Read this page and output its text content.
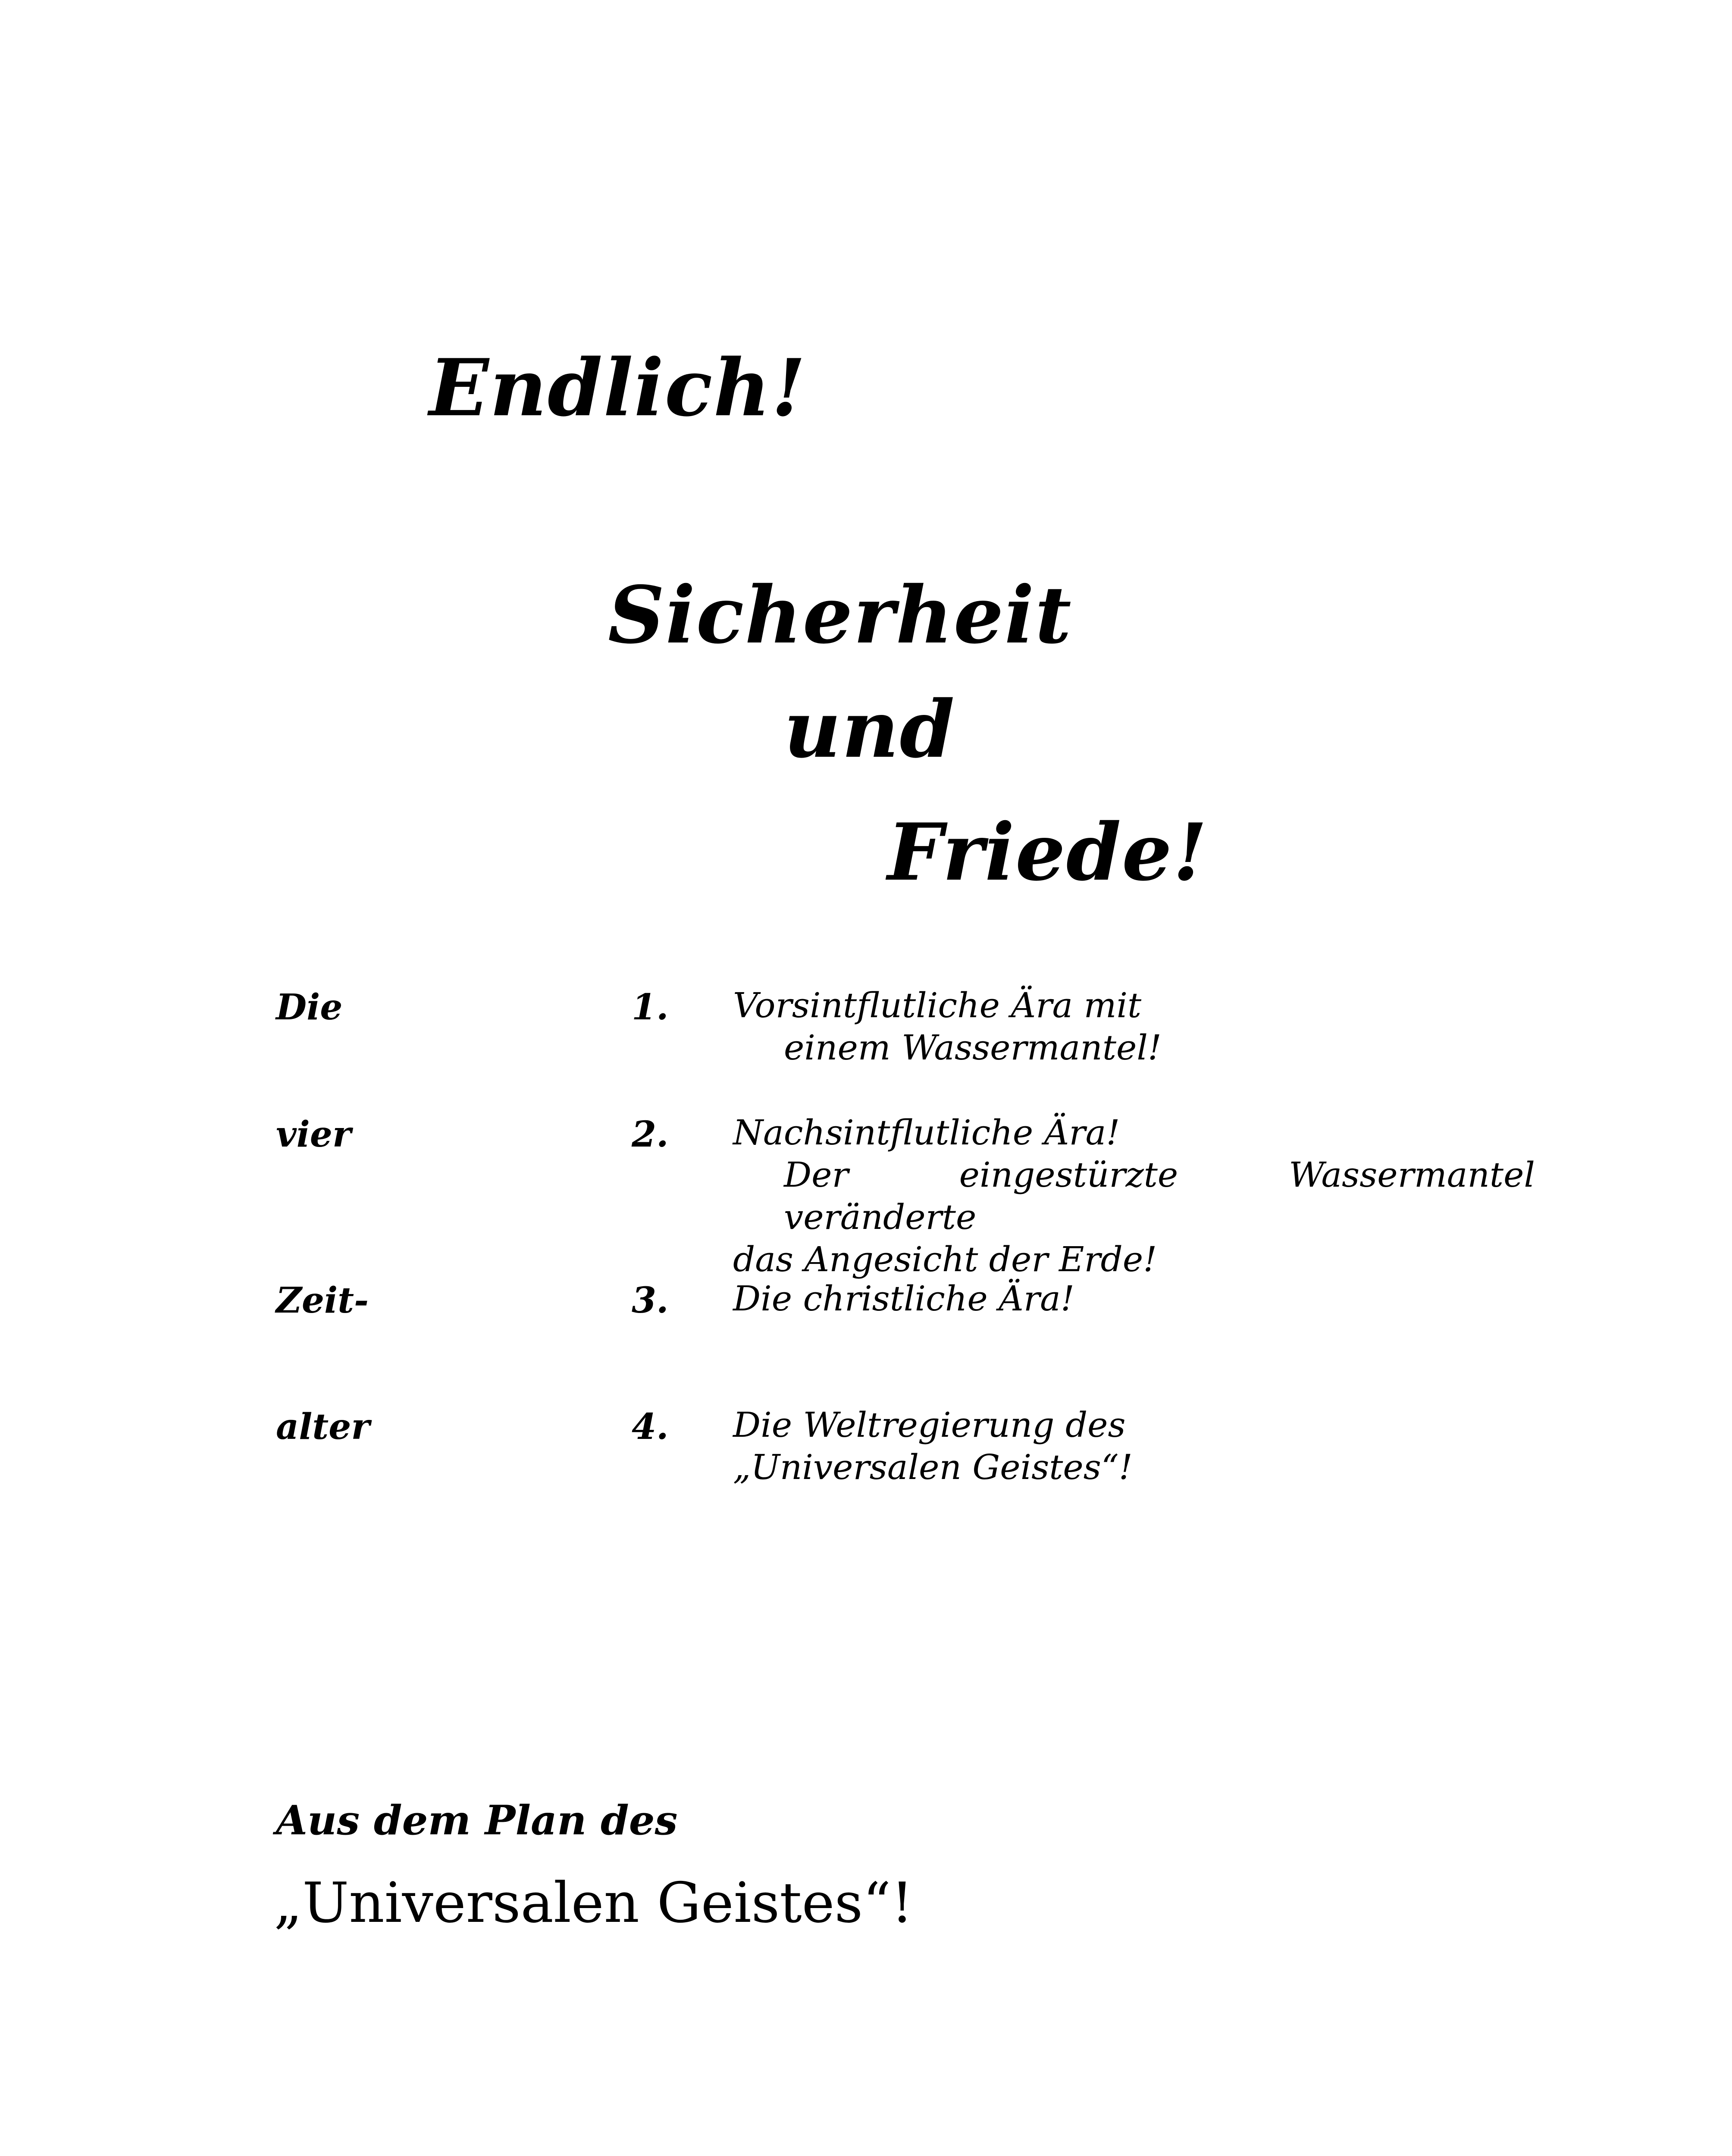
Endlich!
Sicherheit
und
Friede!
Die	1. Vorsintflutliche Ära mit
einem Wassermantel!
vier	2. Nachsintflutliche Ära!
Der eingestürzte Wassermantel veränderte
das Angesicht der Erde!
Zeit-	3. Die christliche Ära!
alter	4. Die Weltregierung des
„Universalen Geistes“!
Aus dem Plan des
„Universalen Geistes“!
